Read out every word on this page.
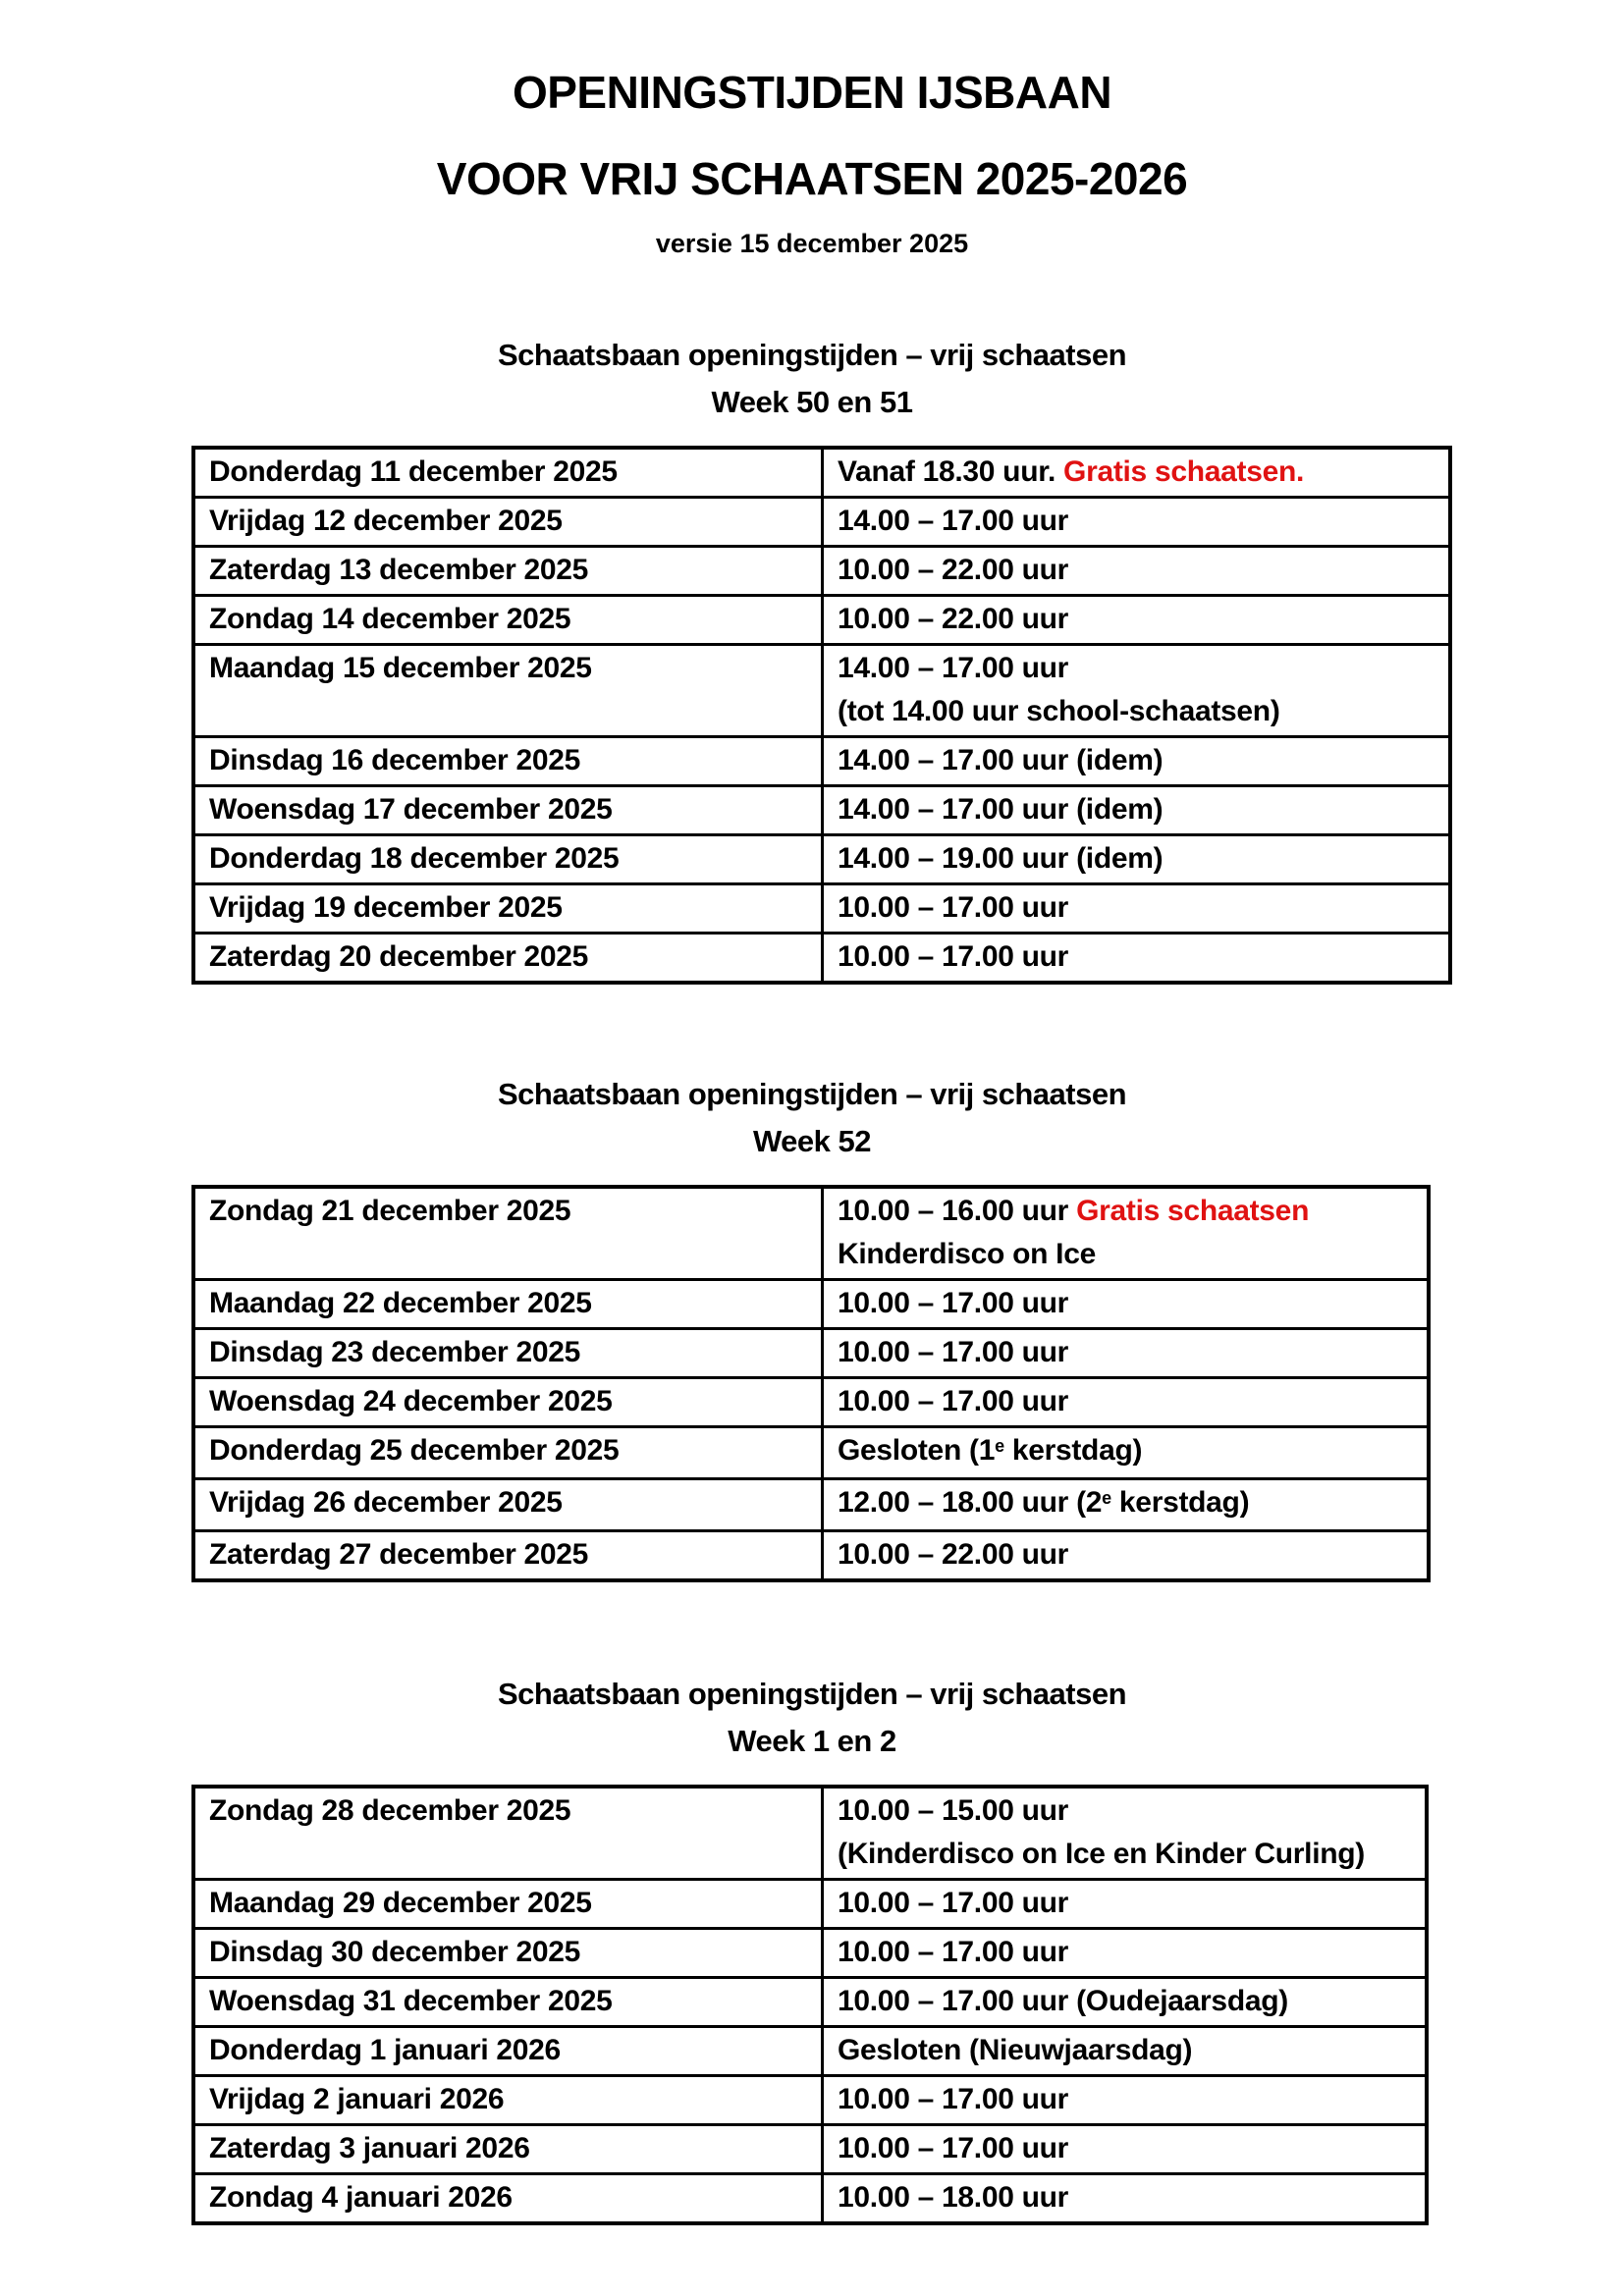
OPENINGSTIJDEN IJSBAAN
VOOR VRIJ SCHAATSEN 2025-2026
versie 15 december 2025
Schaatsbaan openingstijden – vrij schaatsen
Week 50 en 51
Donderdag 11 december 2025	Vanaf 18.30 uur. Gratis schaatsen.
Vrijdag 12 december 2025	14.00 – 17.00 uur
Zaterdag 13 december 2025	10.00 – 22.00 uur
Zondag 14 december 2025	10.00 – 22.00 uur
Maandag 15 december 2025	14.00 – 17.00 uur
(tot 14.00 uur school-schaatsen)
Dinsdag 16 december 2025	14.00 – 17.00 uur (idem)
Woensdag 17 december 2025	14.00 – 17.00 uur (idem)
Donderdag 18 december 2025	14.00 – 19.00 uur (idem)
Vrijdag 19 december 2025	10.00 – 17.00 uur
Zaterdag 20 december 2025	10.00 – 17.00 uur
Schaatsbaan openingstijden – vrij schaatsen
Week 52
Zondag 21 december 2025	10.00 – 16.00 uur Gratis schaatsen
Kinderdisco on Ice
Maandag 22 december 2025	10.00 – 17.00 uur
Dinsdag 23 december 2025	10.00 – 17.00 uur
Woensdag 24 december 2025	10.00 – 17.00 uur
Donderdag 25 december 2025	Gesloten (1e kerstdag)
Vrijdag 26 december 2025	12.00 – 18.00 uur (2e kerstdag)
Zaterdag 27 december 2025	10.00 – 22.00 uur
Schaatsbaan openingstijden – vrij schaatsen
Week 1 en 2
Zondag 28 december 2025	10.00 – 15.00 uur
(Kinderdisco on Ice en Kinder Curling)
Maandag 29 december 2025	10.00 – 17.00 uur
Dinsdag 30 december 2025	10.00 – 17.00 uur
Woensdag 31 december 2025	10.00 – 17.00 uur (Oudejaarsdag)
Donderdag 1 januari 2026	Gesloten (Nieuwjaarsdag)
Vrijdag 2 januari 2026	10.00 – 17.00 uur
Zaterdag 3 januari 2026	10.00 – 17.00 uur
Zondag 4 januari 2026	10.00 – 18.00 uur
